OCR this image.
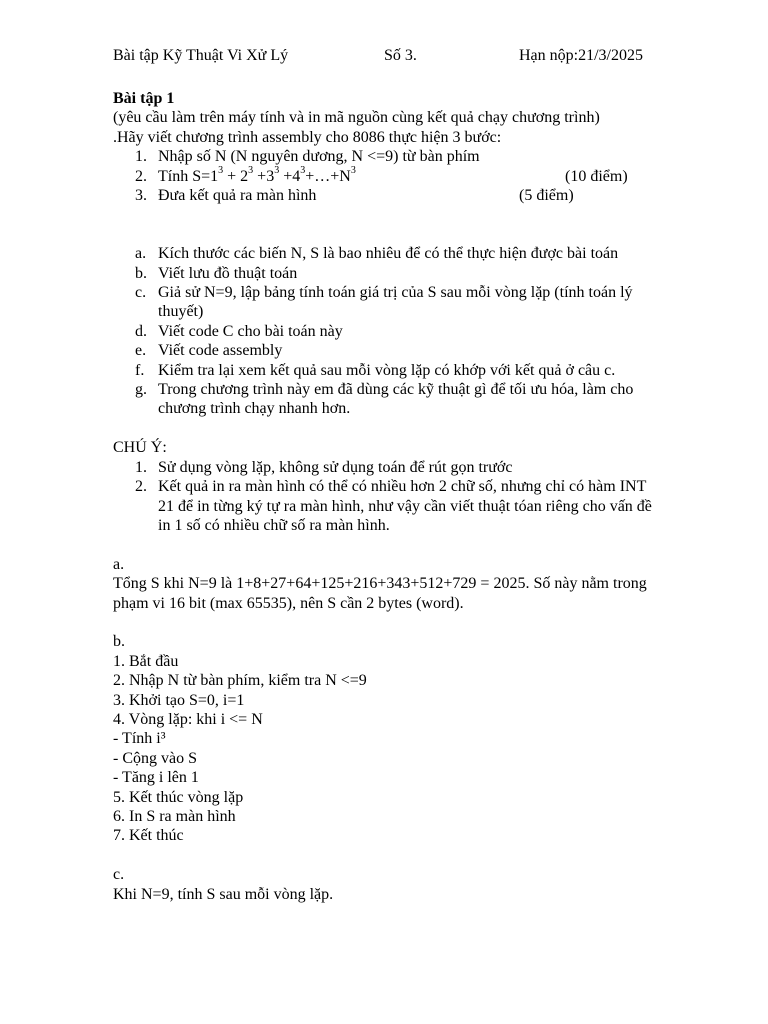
Bài tập Kỹ Thuật Vi Xử Lý	Số 3.	Hạn nộp:21/3/2025
Bài tập 1
(yêu cầu làm trên máy tính và in mã nguồn cùng kết quả chạy chương trình)
.Hãy viết chương trình assembly cho 8086 thực hiện 3 bước:
1. Nhập số N (N nguyên dương, N <=9) từ bàn phím
2. Tính $S=1^3 + 2^3 +3^3$ $+4^3+\dots+N^3$	(10 điểm)
3. Đưa kết quả ra màn hình	(5 điểm)
a. Kích thước các biến N, S là bao nhiêu để có thể thực hiện được bài toán
b. Viết lưu đồ thuật toán
c. Giả sử N=9, lập bảng tính toán giá trị của S sau mỗi vòng lặp (tính toán lý thuyết)
d. Viết code C cho bài toán này
e. Viết code assembly
f. Kiểm tra lại xem kết quả sau mỗi vòng lặp có khớp với kết quả ở câu c.
g. Trong chương trình này em đã dùng các kỹ thuật gì để tối ưu hóa, làm cho chương trình chạy nhanh hơn.
CHÚ Ý:
1. Sử dụng vòng lặp, không sử dụng toán để rút gọn trước
2. Kết quả in ra màn hình có thể có nhiều hơn 2 chữ số, nhưng chỉ có hàm INT 21 để in từng ký tự ra màn hình, như vậy cần viết thuật tóan riêng cho vấn đề in 1 số có nhiều chữ số ra màn hình.
a.
Tổng S khi N=9 là 1+8+27+64+125+216+343+512+729 = 2025. Số này nằm trong phạm vi 16 bit (max 65535), nên S cần 2 bytes (word).
b.
1. Bắt đầu
2. Nhập N từ bàn phím, kiểm tra N <=9
3. Khởi tạo S=0, i=1
4. Vòng lặp: khi i <= N
- Tính i³
- Cộng vào S
- Tăng i lên 1
5. Kết thúc vòng lặp
6. In S ra màn hình
7. Kết thúc
c.
Khi N=9, tính S sau mỗi vòng lặp.
